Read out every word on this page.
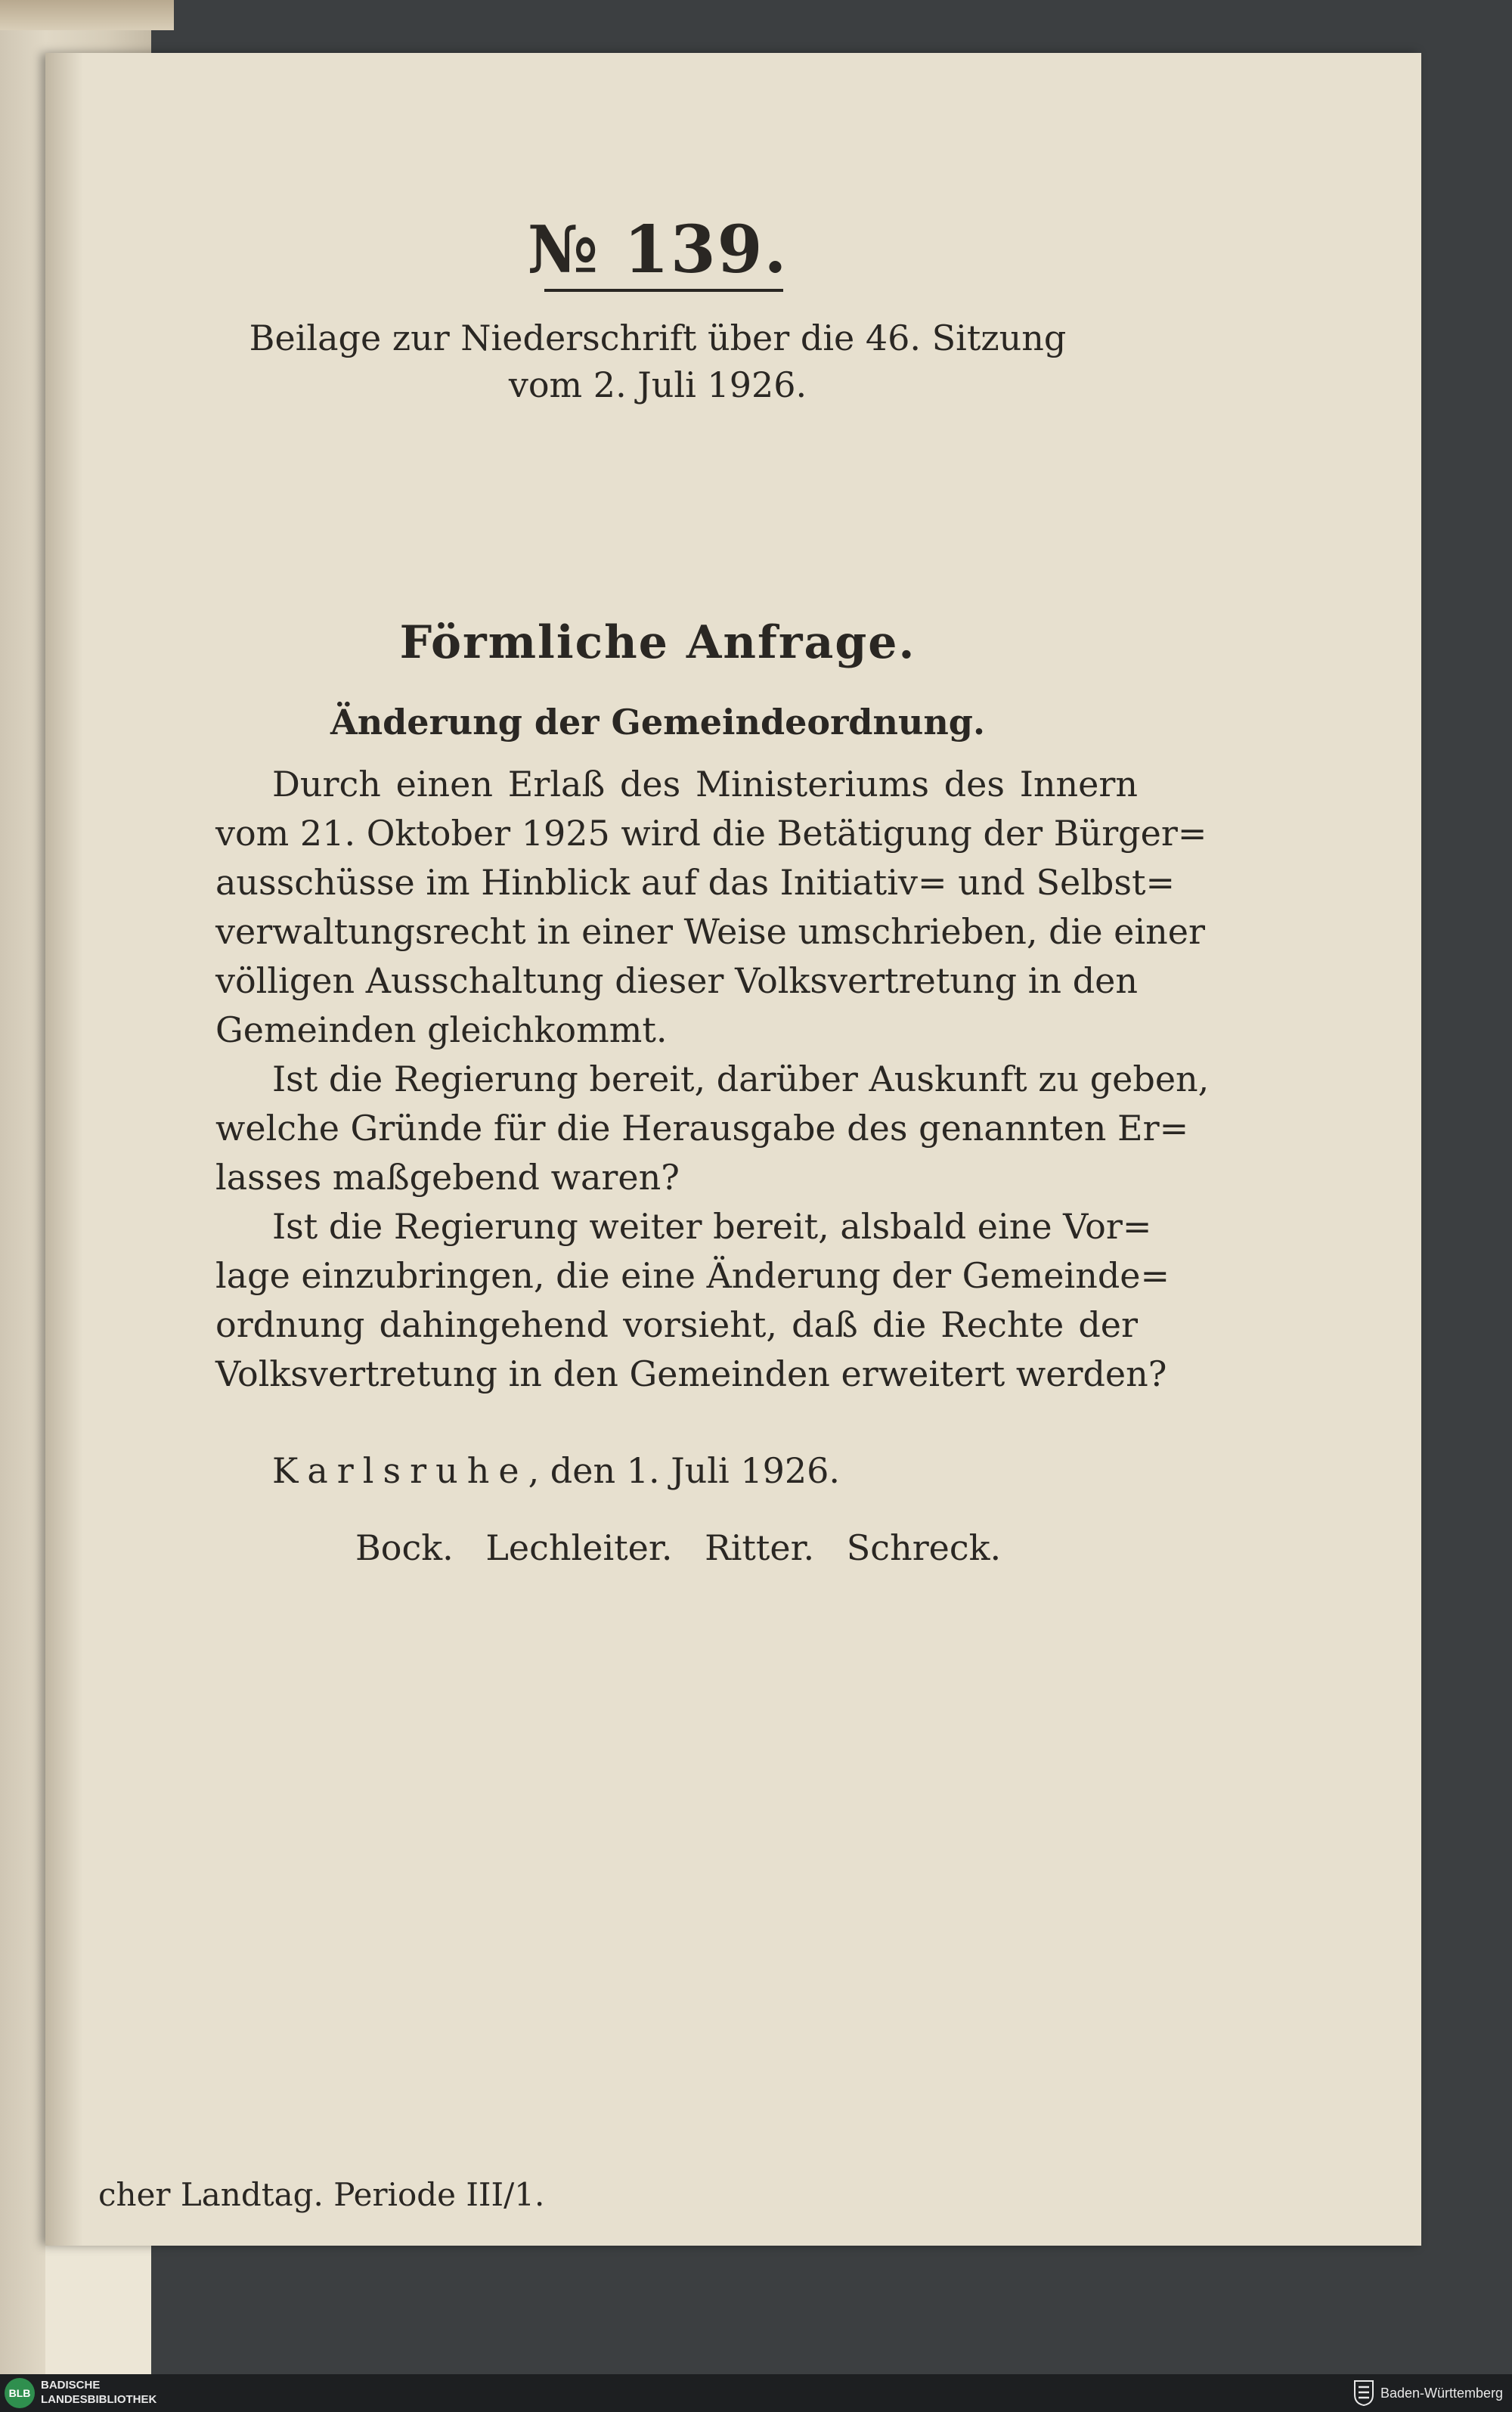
№ 139.
Beilage zur Niederschrift über die 46. Sitzung
vom 2. Juli 1926.
Förmliche Anfrage.
Änderung der Gemeindeordnung.
Durch einen Erlaß des Ministeriums des Innern
vom 21. Oktober 1925 wird die Betätigung der Bürger=
ausschüsse im Hinblick auf das Initiativ= und Selbst=
verwaltungsrecht in einer Weise umschrieben, die einer
völligen Ausschaltung dieser Volksvertretung in den
Gemeinden gleichkommt.
Ist die Regierung bereit, darüber Auskunft zu geben,
welche Gründe für die Herausgabe des genannten Er=
lasses maßgebend waren?
Ist die Regierung weiter bereit, alsbald eine Vor=
lage einzubringen, die eine Änderung der Gemeinde=
ordnung dahingehend vorsieht, daß die Rechte der
Volksvertretung in den Gemeinden erweitert werden?
Karlsruhe, den 1. Juli 1926.
Bock. Lechleiter. Ritter. Schreck.
cher Landtag. Periode III/1.
BLB
BADISCHE
LANDESBIBLIOTHEK	Baden-Württemberg
